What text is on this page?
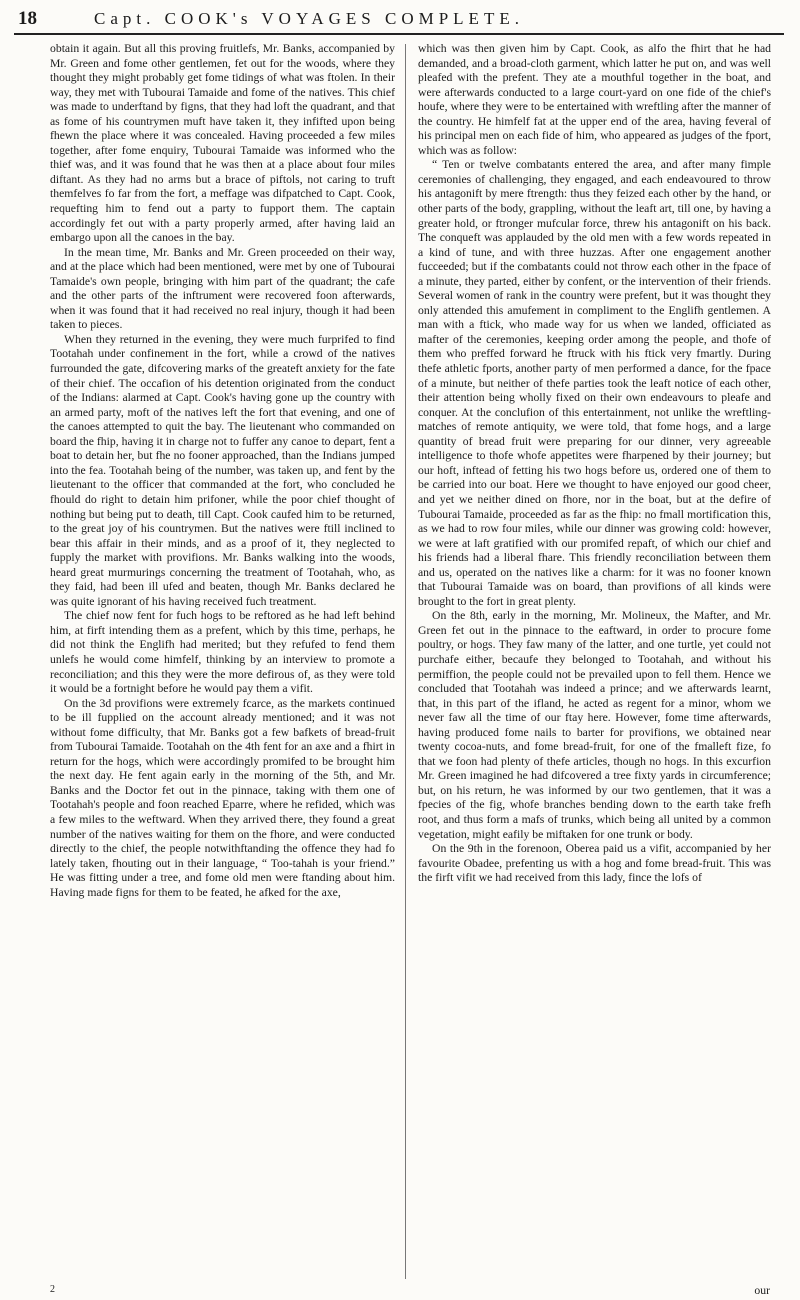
18	Capt. COOK's VOYAGES COMPLETE.

obtain it again. But all this proving fruitlefs, Mr. Banks, accompanied by Mr. Green and fome other gentlemen, fet out for the woods, where they thought they might probably get fome tidings of what was ftolen. In their way, they met with Tubourai Tamaide and fome of the natives. This chief was made to underftand by figns, that they had loft the quadrant, and that as fome of his countrymen muft have taken it, they infifted upon being fhewn the place where it was concealed. Having proceeded a few miles together, after fome enquiry, Tubourai Tamaide was informed who the thief was, and it was found that he was then at a place about four miles diftant. As they had no arms but a brace of piftols, not caring to truft themfelves fo far from the fort, a meffage was difpatched to Capt. Cook, requefting him to fend out a party to fupport them. The captain accordingly fet out with a party properly armed, after having laid an embargo upon all the canoes in the bay.

In the mean time, Mr. Banks and Mr. Green proceeded on their way, and at the place which had been mentioned, were met by one of Tubourai Tamaide's own people, bringing with him part of the quadrant; the cafe and the other parts of the inftrument were recovered foon afterwards, when it was found that it had received no real injury, though it had been taken to pieces.

When they returned in the evening, they were much furprifed to find Tootahah under confinement in the fort, while a crowd of the natives furrounded the gate, difcovering marks of the greateft anxiety for the fate of their chief. The occafion of his detention originated from the conduct of the Indians: alarmed at Capt. Cook's having gone up the country with an armed party, moft of the natives left the fort that evening, and one of the canoes attempted to quit the bay. The lieutenant who commanded on board the fhip, having it in charge not to fuffer any canoe to depart, fent a boat to detain her, but fhe no fooner approached, than the Indians jumped into the fea. Tootahah being of the number, was taken up, and fent by the lieutenant to the officer that commanded at the fort, who concluded he fhould do right to detain him prifoner, while the poor chief thought of nothing but being put to death, till Capt. Cook caufed him to be returned, to the great joy of his countrymen. But the natives were ftill inclined to bear this affair in their minds, and as a proof of it, they neglected to fupply the market with provifions. Mr. Banks walking into the woods, heard great murmurings concerning the treatment of Tootahah, who, as they faid, had been ill ufed and beaten, though Mr. Banks declared he was quite ignorant of his having received fuch treatment.

The chief now fent for fuch hogs to be reftored as he had left behind him, at firft intending them as a prefent, which by this time, perhaps, he did not think the Englifh had merited; but they refufed to fend them unlefs he would come himfelf, thinking by an interview to promote a reconciliation; and this they were the more defirous of, as they were told it would be a fortnight before he would pay them a vifit.

On the 3d provifions were extremely fcarce, as the markets continued to be ill fupplied on the account already mentioned; and it was not without fome difficulty, that Mr. Banks got a few bafkets of bread-fruit from Tubourai Tamaide. Tootahah on the 4th fent for an axe and a fhirt in return for the hogs, which were accordingly promifed to be brought him the next day. He fent again early in the morning of the 5th, and Mr. Banks and the Doctor fet out in the pinnace, taking with them one of Tootahah's people and foon reached Eparre, where he refided, which was a few miles to the weftward. When they arrived there, they found a great number of the natives waiting for them on the fhore, and were conducted directly to the chief, the people notwithftanding the offence they had fo lately taken, fhouting out in their language, “ Too-tahah is your friend.” He was fitting under a tree, and fome old men were ftanding about him. Having made figns for them to be feated, he afked for the axe,

which was then given him by Capt. Cook, as alfo the fhirt that he had demanded, and a broad-cloth garment, which latter he put on, and was well pleafed with the prefent. They ate a mouthful together in the boat, and were afterwards conducted to a large court-yard on one fide of the chief's houfe, where they were to be entertained with wreftling after the manner of the country. He himfelf fat at the upper end of the area, having feveral of his principal men on each fide of him, who appeared as judges of the fport, which was as follow:

“ Ten or twelve combatants entered the area, and after many fimple ceremonies of challenging, they engaged, and each endeavoured to throw his antagonift by mere ftrength: thus they feized each other by the hand, or other parts of the body, grappling, without the leaft art, till one, by having a greater hold, or ftronger mufcular force, threw his antagonift on his back. The conqueft was applauded by the old men with a few words repeated in a kind of tune, and with three huzzas. After one engagement another fucceeded; but if the combatants could not throw each other in the fpace of a minute, they parted, either by confent, or the intervention of their friends. Several women of rank in the country were prefent, but it was thought they only attended this amufement in compliment to the Englifh gentlemen. A man with a ftick, who made way for us when we landed, officiated as mafter of the ceremonies, keeping order among the people, and thofe of them who preffed forward he ftruck with his ftick very fmartly. During thefe athletic fports, another party of men performed a dance, for the fpace of a minute, but neither of thefe parties took the leaft notice of each other, their attention being wholly fixed on their own endeavours to pleafe and conquer. At the conclufion of this entertainment, not unlike the wreftling-matches of remote antiquity, we were told, that fome hogs, and a large quantity of bread fruit were preparing for our dinner, very agreeable intelligence to thofe whofe appetites were fharpened by their journey; but our hoft, inftead of fetting his two hogs before us, ordered one of them to be carried into our boat. Here we thought to have enjoyed our good cheer, and yet we neither dined on fhore, nor in the boat, but at the defire of Tubourai Tamaide, proceeded as far as the fhip: no fmall mortification this, as we had to row four miles, while our dinner was growing cold: however, we were at laft gratified with our promifed repaft, of which our chief and his friends had a liberal fhare. This friendly reconciliation between them and us, operated on the natives like a charm: for it was no fooner known that Tubourai Tamaide was on board, than provifions of all kinds were brought to the fort in great plenty.

On the 8th, early in the morning, Mr. Molineux, the Mafter, and Mr. Green fet out in the pinnace to the eaftward, in order to procure fome poultry, or hogs. They faw many of the latter, and one turtle, yet could not purchafe either, becaufe they belonged to Tootahah, and without his permiffion, the people could not be prevailed upon to fell them. Hence we concluded that Tootahah was indeed a prince; and we afterwards learnt, that, in this part of the ifland, he acted as regent for a minor, whom we never faw all the time of our ftay here. However, fome time afterwards, having produced fome nails to barter for provifions, we obtained near twenty cocoa-nuts, and fome bread-fruit, for one of the fmalleft fize, fo that we foon had plenty of thefe articles, though no hogs. In this excurfion Mr. Green imagined he had difcovered a tree fixty yards in circumference; but, on his return, he was informed by our two gentlemen, that it was a fpecies of the fig, whofe branches bending down to the earth take frefh root, and thus form a mafs of trunks, which being all united by a common vegetation, might eafily be miftaken for one trunk or body.

On the 9th in the forenoon, Oberea paid us a vifit, accompanied by her favourite Obadee, prefenting us with a hog and fome bread-fruit. This was the firft vifit we had received from this lady, fince the lofs of

2	our
